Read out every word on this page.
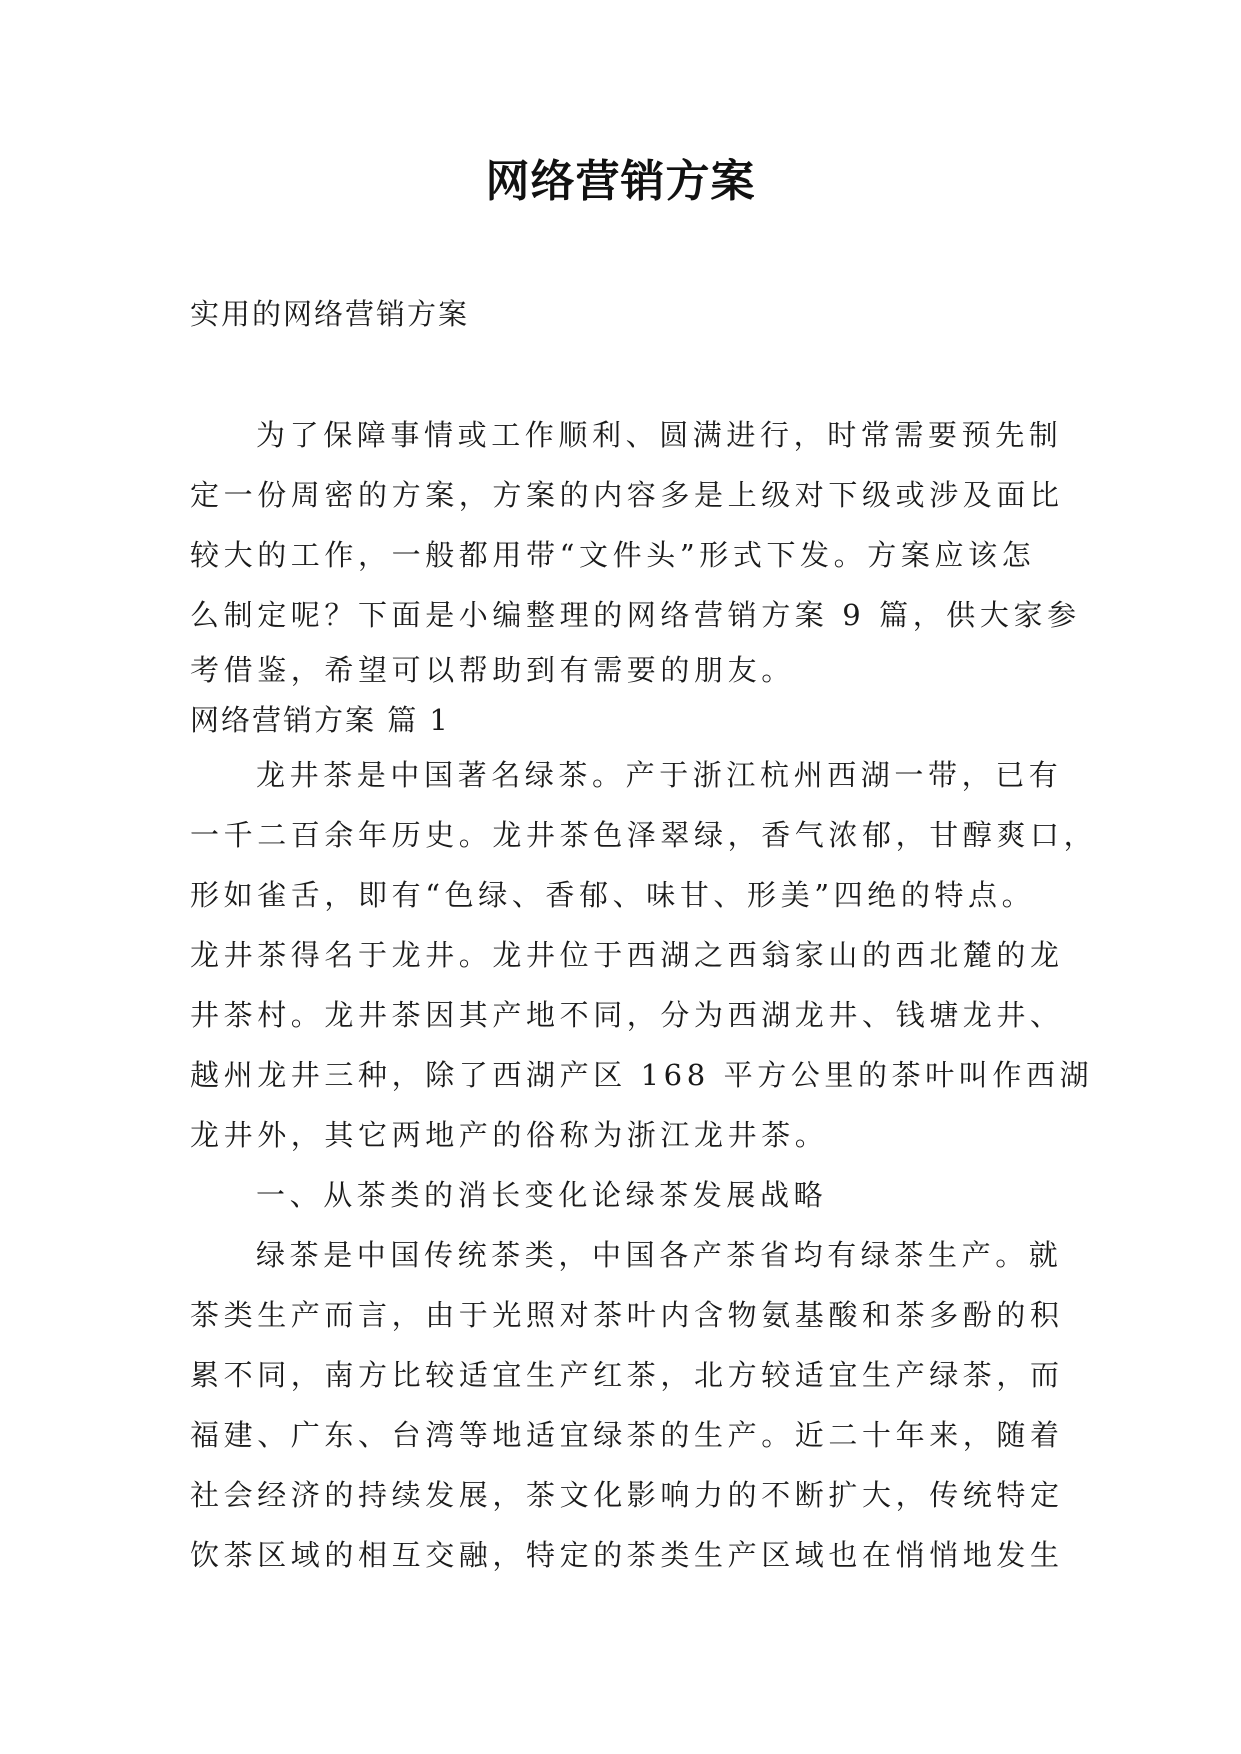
网络营销方案
实用的网络营销方案
为了保障事情或工作顺利、圆满进行，时常需要预先制
定一份周密的方案，方案的内容多是上级对下级或涉及面比
较大的工作，一般都用带“文件头”形式下发。方案应该怎
么制定呢？下面是小编整理的网络营销方案 9 篇，供大家参
考借鉴，希望可以帮助到有需要的朋友。
网络营销方案 篇 1
龙井茶是中国著名绿茶。产于浙江杭州西湖一带，已有
一千二百余年历史。龙井茶色泽翠绿，香气浓郁，甘醇爽口，
形如雀舌，即有“色绿、香郁、味甘、形美”四绝的特点。
龙井茶得名于龙井。龙井位于西湖之西翁家山的西北麓的龙
井茶村。龙井茶因其产地不同，分为西湖龙井、钱塘龙井、
越州龙井三种，除了西湖产区 168 平方公里的茶叶叫作西湖
龙井外，其它两地产的俗称为浙江龙井茶。
一、从茶类的消长变化论绿茶发展战略
绿茶是中国传统茶类，中国各产茶省均有绿茶生产。就
茶类生产而言，由于光照对茶叶内含物氨基酸和茶多酚的积
累不同，南方比较适宜生产红茶，北方较适宜生产绿茶，而
福建、广东、台湾等地适宜绿茶的生产。近二十年来，随着
社会经济的持续发展，茶文化影响力的不断扩大，传统特定
饮茶区域的相互交融，特定的茶类生产区域也在悄悄地发生
